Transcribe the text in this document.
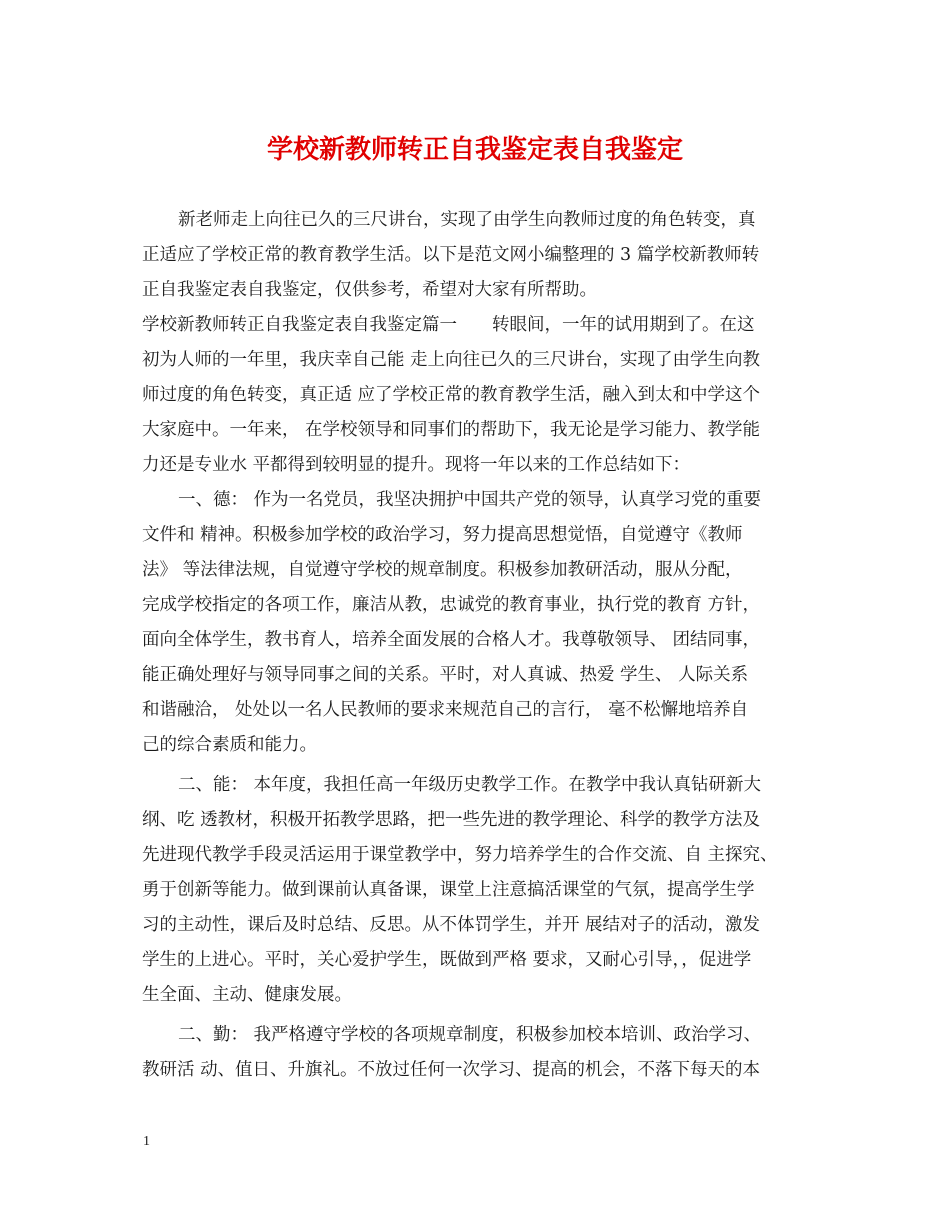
学校新教师转正自我鉴定表自我鉴定
新老师走上向往已久的三尺讲台，实现了由学生向教师过度的角色转变，真
正适应了学校正常的教育教学生活。以下是范文网小编整理的 3 篇学校新教师转
正自我鉴定表自我鉴定，仅供参考，希望对大家有所帮助。
学校新教师转正自我鉴定表自我鉴定篇一　　转眼间，一年的试用期到了。在这
初为人师的一年里，我庆幸自己能 走上向往已久的三尺讲台，实现了由学生向教
师过度的角色转变，真正适 应了学校正常的教育教学生活，融入到太和中学这个
大家庭中。一年来， 在学校领导和同事们的帮助下，我无论是学习能力、教学能
力还是专业水 平都得到较明显的提升。现将一年以来的工作总结如下：
一、德： 作为一名党员，我坚决拥护中国共产党的领导，认真学习党的重要
文件和 精神。积极参加学校的政治学习，努力提高思想觉悟，自觉遵守《教师
法》 等法律法规，自觉遵守学校的规章制度。积极参加教研活动，服从分配，
完成学校指定的各项工作，廉洁从教，忠诚党的教育事业，执行党的教育 方针，
面向全体学生，教书育人，培养全面发展的合格人才。我尊敬领导、 团结同事，
能正确处理好与领导同事之间的关系。平时，对人真诚、热爱 学生、 人际关系
和谐融洽， 处处以一名人民教师的要求来规范自己的言行， 毫不松懈地培养自
己的综合素质和能力。
二、能： 本年度，我担任高一年级历史教学工作。在教学中我认真钻研新大
纲、吃 透教材，积极开拓教学思路，把一些先进的教学理论、科学的教学方法及
先进现代教学手段灵活运用于课堂教学中，努力培养学生的合作交流、自 主探究、
勇于创新等能力。做到课前认真备课，课堂上注意搞活课堂的气氛，提高学生学
习的主动性，课后及时总结、反思。从不体罚学生，并开 展结对子的活动，激发
学生的上进心。平时，关心爱护学生，既做到严格 要求，又耐心引导，，促进学
生全面、主动、健康发展。
二、勤： 我严格遵守学校的各项规章制度，积极参加校本培训、政治学习、
教研活 动、值日、升旗礼。不放过任何一次学习、提高的机会，不落下每天的本
1
